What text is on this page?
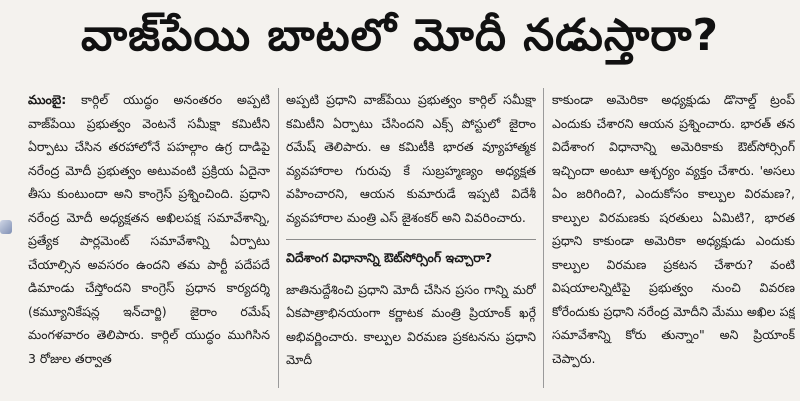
వాజ్‌పేయి బాటలో మోదీ నడుస్తారా?

ముంబై: కార్గిల్ యుద్ధం అనంతరం అప్పటి వాజ్‌పేయి ప్రభుత్వం వెంటనే సమీక్షా కమిటీని ఏర్పాటు చేసిన తరహాలోనే పహల్గాం ఉగ్ర దాడిపై నరేంద్ర మోదీ ప్రభుత్వం అటువంటి ప్రక్రియ ఏదైనా తీసు కుంటుందా అని కాంగ్రెస్ ప్రశ్నించింది. ప్రధాని నరేంద్ర మోదీ అధ్యక్షతన అఖిలపక్ష సమావేశాన్ని, ప్రత్యేక పార్లమెంట్ సమావేశాన్ని ఏర్పాటు చేయాల్సిన అవసరం ఉందని తమ పార్టీ పదేపదే డిమాండు చేస్తోందని కాంగ్రెస్ ప్రధాన కార్యదర్శి (కమ్యూనికేషన్ల ఇన్‌చార్జి) జైరాం రమేష్ మంగళవారం తెలిపారు. కార్గిల్ యుద్ధం ముగిసిన 3 రోజుల తర్వాత

అప్పటి ప్రధాని వాజ్‌పేయి ప్రభుత్వం కార్గిల్ సమీక్షా కమిటీని ఏర్పాటు చేసిందని ఎక్స్ పోస్టులో జైరాం రమేష్ తెలిపారు. ఆ కమిటీకి భారత వ్యూహాత్మక వ్యవహారాల గురువు కే సుబ్రహ్మణ్యం అధ్యక్షత వహించారని, ఆయన కుమారుడే ఇప్పటి విదేశీ వ్యవహారాల మంత్రి ఎస్ జైశంకర్ అని వివరించారు.

విదేశాంగ విధానాన్ని ఔట్‌సోర్సింగ్ ఇచ్చారా?

జాతినుద్దేశించి ప్రధాని మోదీ చేసిన ప్రసం గాన్ని మరో ఏకపాత్రాభినయంగా కర్ణాటక మంత్రి ప్రియాంక్ ఖర్గే అభివర్ణించారు. కాల్పుల విరమణ ప్రకటనను ప్రధాని మోదీ

కాకుండా అమెరికా అధ్యక్షుడు డొనాల్డ్ ట్రంప్ ఎందుకు చేశారని ఆయన ప్రశ్నించారు. భారత్ తన విదేశాంగ విధానాన్ని అమెరికాకు ఔట్‌సోర్సింగ్ ఇచ్చిందా అంటూ ఆశ్చర్యం వ్యక్తం చేశారు. 'అసలు ఏం జరిగింది?, ఎందుకోసం కాల్పుల విరమణ?, కాల్పుల విరమణకు షరతులు ఏమిటి?, భారత ప్రధాని కాకుండా అమెరికా అధ్యక్షుడు ఎందుకు కాల్పుల విరమణ ప్రకటన చేశారు? వంటి విషయాలన్నిటిపై ప్రభుత్వం నుంచి వివరణ కోరేందుకు ప్రధాని నరేంద్ర మోదీని మేము అఖిల పక్ష సమావేశాన్ని కోరు తున్నాం" అని ప్రియాంక్ చెప్పారు.
